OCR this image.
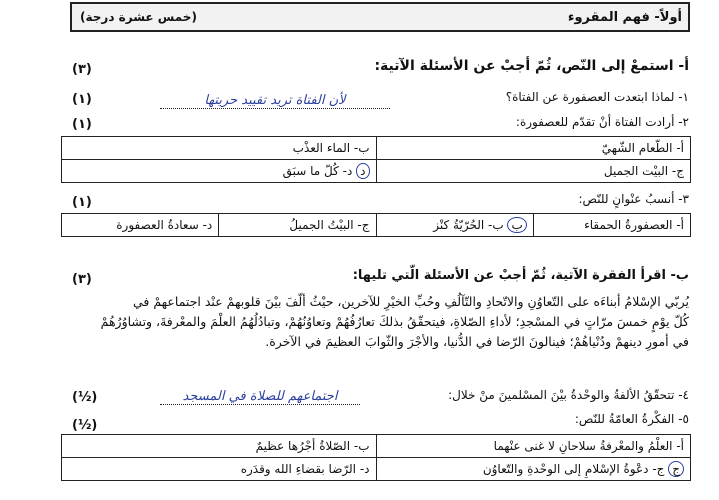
أولاً- فهم المقروء
(خمس عشرة درجة)
أ- استمعْ إلى النّص، ثُمّ أجبْ عن الأسئلة الآتية:
(٣)
١- لماذا ابتعدت العصفورة عن الفتاة؟
لأن الفتاة تريد تقييد حريتها
(١)
٢- أرادت الفتاة أنْ تقدّم للعصفورة:
(١)
أ- الطّعام الشّهيّ	ب- الماء العذْب
ج- البيْت الجميل	د د- كُلّ ما سبَق
٣- أنسبُ عنْوانٍ للنّص:
(١)
أ- العصفورةُ الحمقاء	ب ب- الحُرّيّةُ كنْز	ج- البيْتُ الجميلُ	د- سعادةُ العصفورة
ب- اقرأ الفقرة الآتية، ثُمّ أجبْ عن الأسئلة الّتي تليها:
(٣)
يُربّي الإسْلامُ أبناءَه على التّعاوُنِ والاتّحادِ والتّآلُفِ وحُبِّ الخيْرِ للآخرين، حيْثُ ألّفَ بيْنَ قلوبهمْ عنْد اجتماعهمْ في
كُلّ يوْمٍ خمسَ مرّاتٍ في المسْجدِ؛ لأداءِ الصّلاةِ، فيتحقّقُ بذلكَ تعارُفُهُمْ وتعاوُنُهُمْ، وتبادُلُهُمُ العلْمَ والمعْرفةَ، وتشاوُرُهُمْ
في أمورِ دينهمْ ودُنْياهُمْ؛ فينالونَ الرّضا في الدُّنيا، والأجْرَ والثّوابَ العظيمَ في الآخرة.
٤- تتحقّقُ الألفةُ والوحْدةُ بيْنَ المسْلمينَ منْ خلال:
اجتماعهم للصلاة في المسجد
(½)
٥- الفكْرةُ العامّةُ للنّص:
(½)
أ- العلْمُ والمعْرفةُ سلاحانِ لا غنى عنْهما	ب- الصّلاةُ أجْرُها عظيمٌ
ج ج- دعْوةُ الإسْلامِ إلى الوحْدةِ والتّعاوُن	د- الرّضا بقضاءِ الله وقدَره
